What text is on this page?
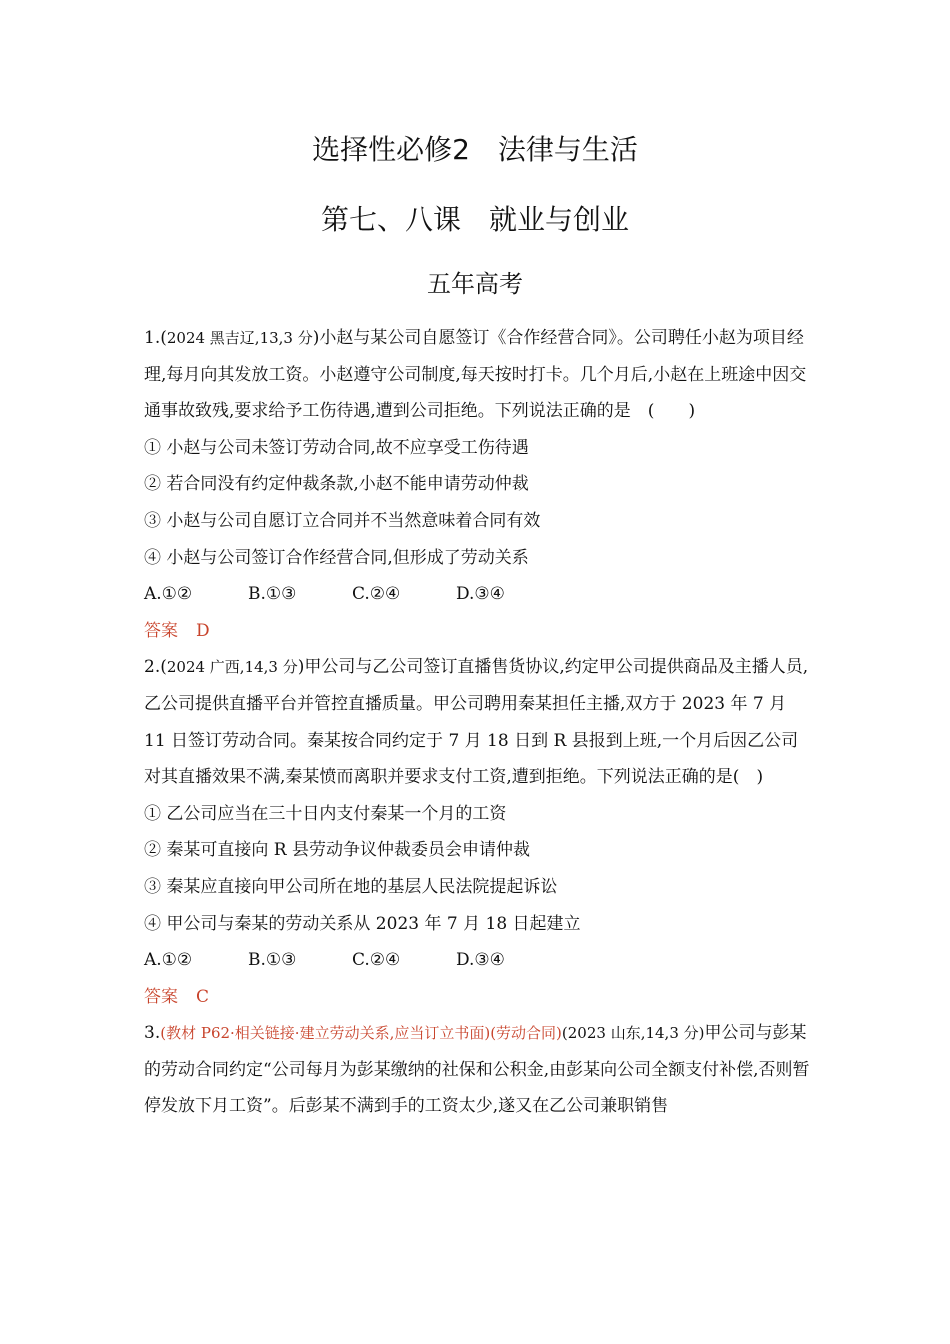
选择性必修2　法律与生活
第七、八课　就业与创业
五年高考

1.(2024 黑吉辽,13,3 分)小赵与某公司自愿签订《合作经营合同》。公司聘任小赵为项目经理,每月向其发放工资。小赵遵守公司制度,每天按时打卡。几个月后,小赵在上班途中因交通事故致残,要求给予工伤待遇,遭到公司拒绝。下列说法正确的是　(　　)

① 小赵与公司未签订劳动合同,故不应享受工伤待遇

② 若合同没有约定仲裁条款,小赵不能申请劳动仲裁

③ 小赵与公司自愿订立合同并不当然意味着合同有效

④ 小赵与公司签订合作经营合同,但形成了劳动关系

A.①②	B.①③	C.②④	D.③④

答案 D

2.(2024 广西,14,3 分)甲公司与乙公司签订直播售货协议,约定甲公司提供商品及主播人员,乙公司提供直播平台并管控直播质量。甲公司聘用秦某担任主播,双方于 2023 年 7 月 11 日签订劳动合同。秦某按合同约定于 7 月 18 日到 R 县报到上班,一个月后因乙公司对其直播效果不满,秦某愤而离职并要求支付工资,遭到拒绝。下列说法正确的是(　)

① 乙公司应当在三十日内支付秦某一个月的工资

② 秦某可直接向 R 县劳动争议仲裁委员会申请仲裁

③ 秦某应直接向甲公司所在地的基层人民法院提起诉讼

④ 甲公司与秦某的劳动关系从 2023 年 7 月 18 日起建立

A.①②	B.①③	C.②④	D.③④

答案 C

3.(教材 P62·相关链接·建立劳动关系,应当订立书面)(劳动合同)(2023 山东,14,3 分)甲公司与彭某的劳动合同约定“公司每月为彭某缴纳的社保和公积金,由彭某向公司全额支付补偿,否则暂停发放下月工资”。后彭某不满到手的工资太少,遂又在乙公司兼职销售
